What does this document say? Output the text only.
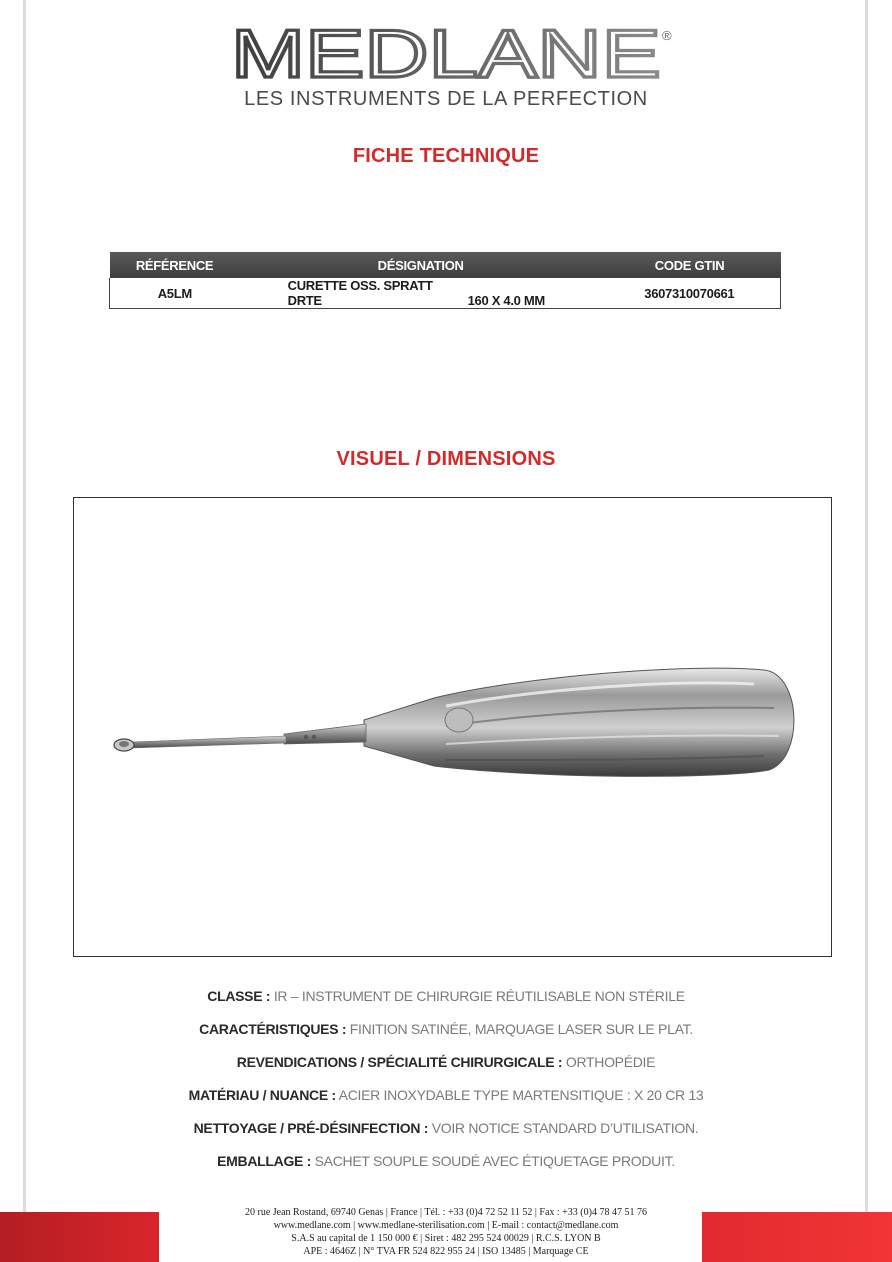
MEDLANE ®
LES INSTRUMENTS DE LA PERFECTION
FICHE TECHNIQUE
RÉFÉRENCE	DÉSIGNATION	CODE GTIN
A5LM	CURETTE OSS. SPRATT DRTE 160 X 4.0 MM	3607310070661
VISUEL / DIMENSIONS
CLASSE : IR – INSTRUMENT DE CHIRURGIE RÉUTILISABLE NON STÉRILE
CARACTÉRISTIQUES : FINITION SATINÉE, MARQUAGE LASER SUR LE PLAT.
REVENDICATIONS / SPÉCIALITÉ CHIRURGICALE : ORTHOPÉDIE
MATÉRIAU / NUANCE : ACIER INOXYDABLE TYPE MARTENSITIQUE : X 20 CR 13
NETTOYAGE / PRÉ-DÉSINFECTION : VOIR NOTICE STANDARD D’UTILISATION.
EMBALLAGE : SACHET SOUPLE SOUDÉ AVEC ÉTIQUETAGE PRODUIT.
20 rue Jean Rostand, 69740 Genas | France | Tél. : +33 (0)4 72 52 11 52 | Fax : +33 (0)4 78 47 51 76
www.medlane.com | www.medlane-sterilisation.com | E-mail : contact@medlane.com
S.A.S au capital de 1 150 000 € | Siret : 482 295 524 00029 | R.C.S. LYON B
APE : 4646Z | N° TVA FR 524 822 955 24 | ISO 13485 | Marquage CE
